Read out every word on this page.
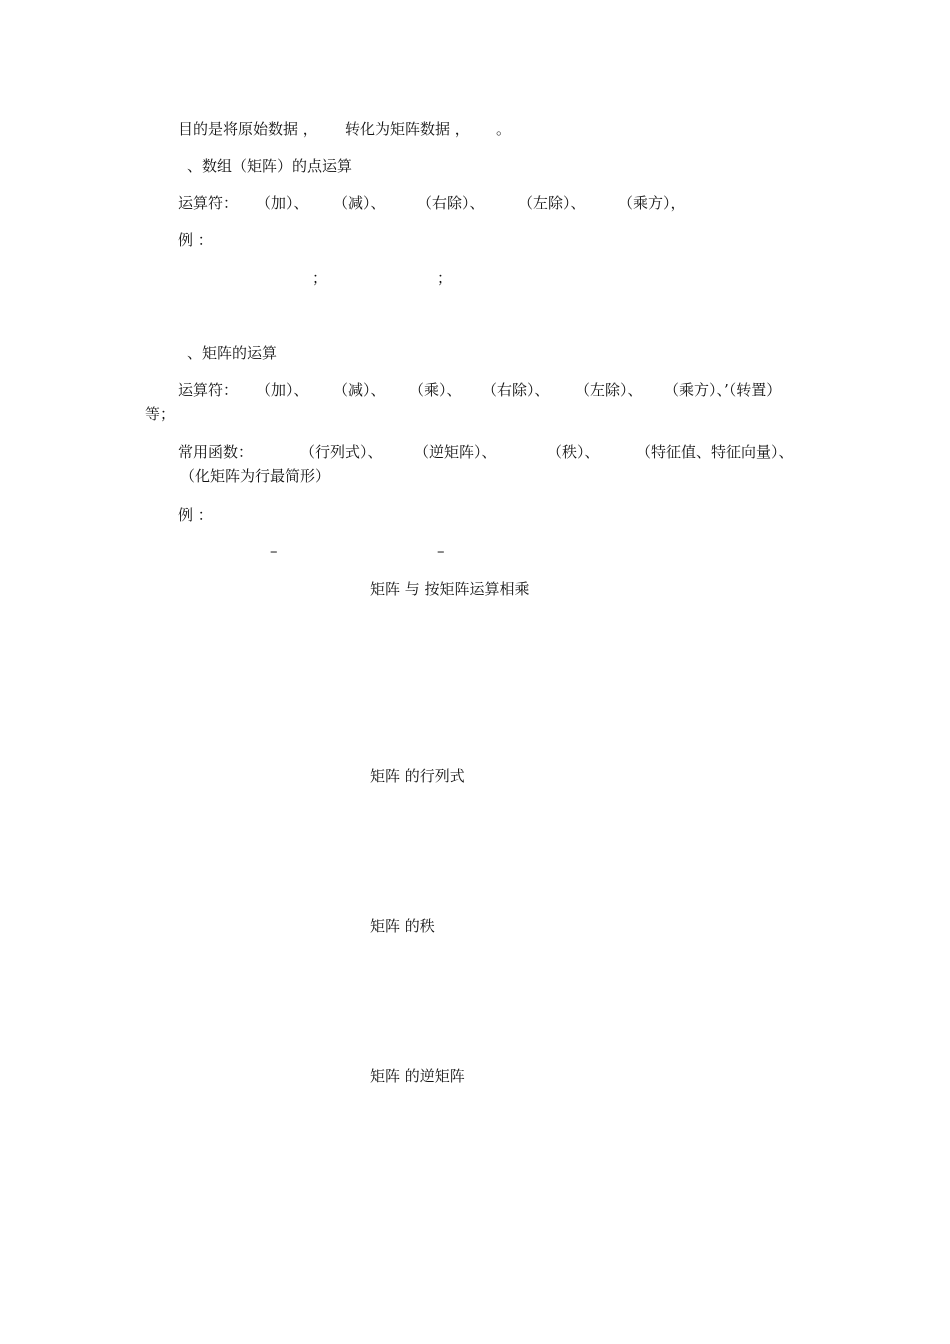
目的是将原始数据 ， 转化为矩阵数据 ， 。
、数组（矩阵）的点运算
运算符： （加）、 （减）、 （右除）、 （左除）、 （乘方），
例 ：
；	；
、矩阵的运算
运算符： （加）、 （减）、 （乘）、 （右除）、 （左除）、 （乘方）、’（转置）
等；
常用函数：	（行列式）、 （逆矩阵）、	（秩）、 （特征值、特征向量）、
（化矩阵为行最简形）
例 ：
–	–
矩阵 与 按矩阵运算相乘
矩阵 的行列式
矩阵 的秩
矩阵 的逆矩阵
